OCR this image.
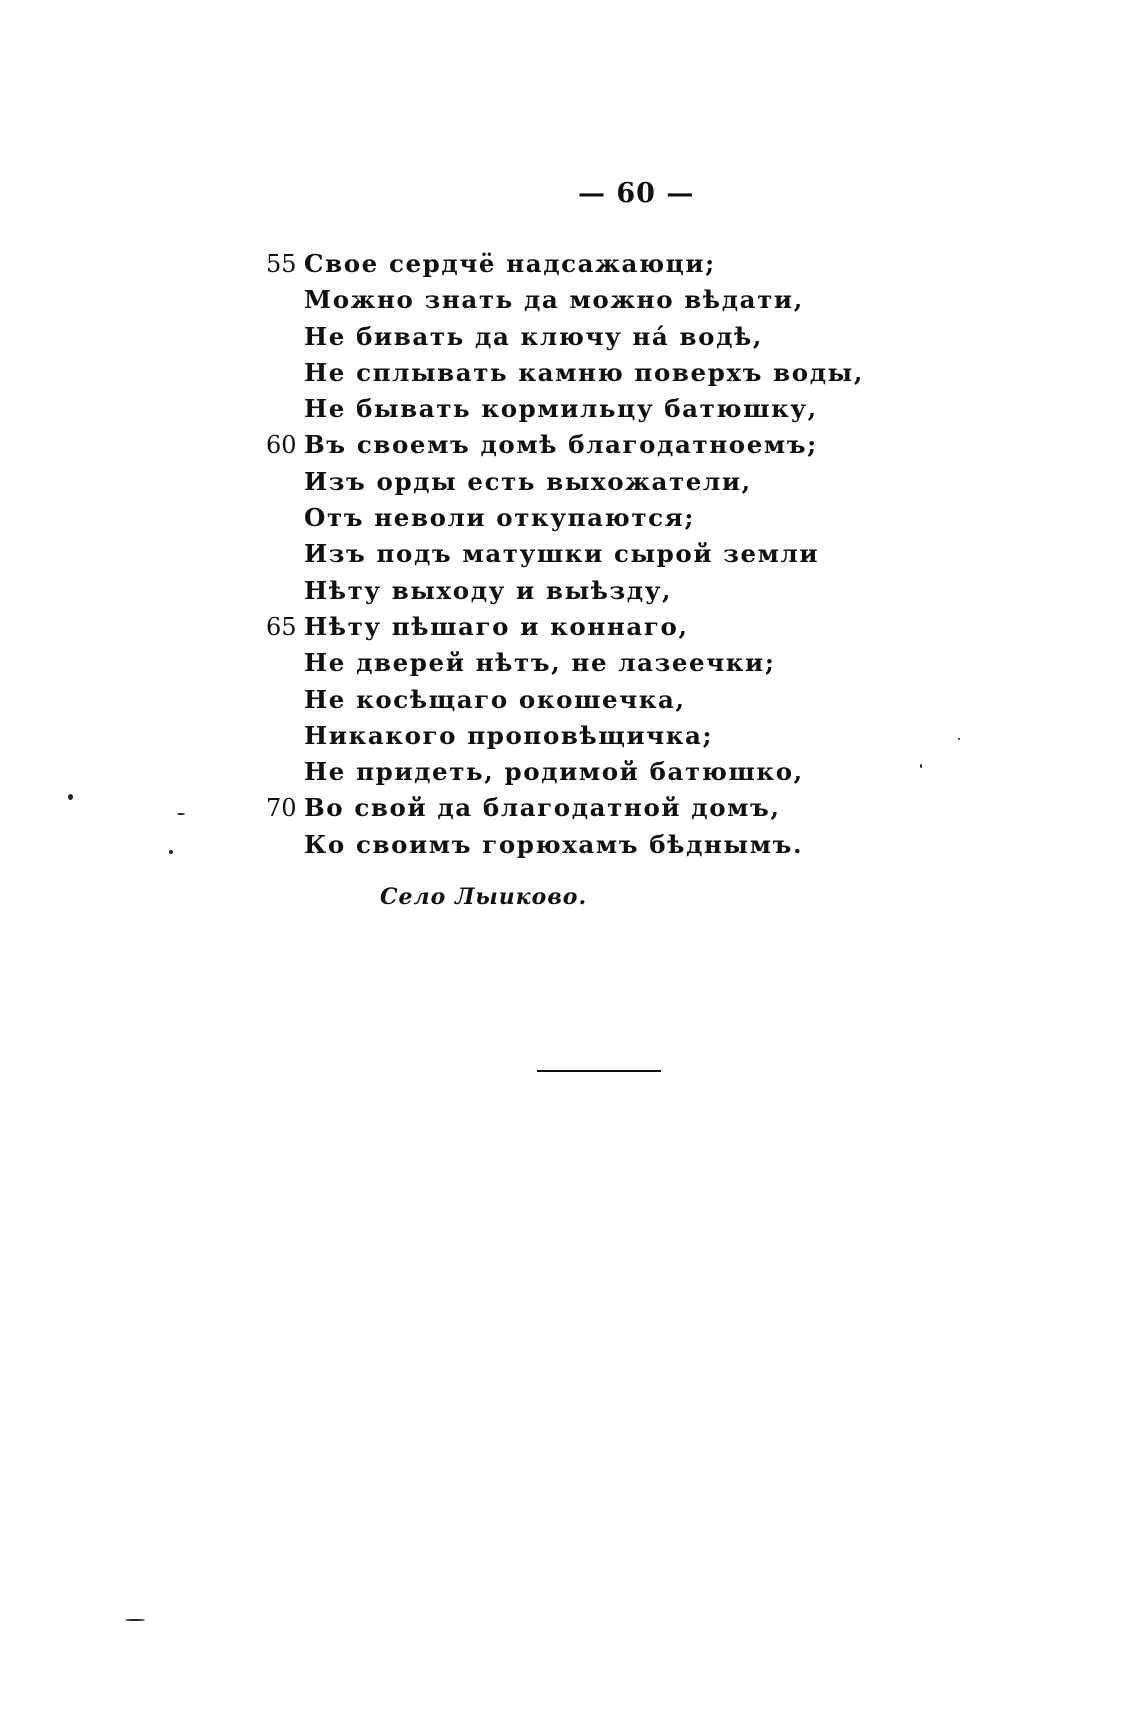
— 60 —
55 Свое сердчё надсажаюци;
Можно знать да можно вѣдати,
Не бивать да ключу на́ водѣ,
Не сплывать камню поверхъ воды,
Не бывать кормильцу батюшку,
60 Въ своемъ домѣ благодатноемъ;
Изъ орды есть выхожатели,
Отъ неволи откупаются;
Изъ подъ матушки сырой земли
Нѣту выходу и выѣзду,
65 Нѣту пѣшаго и коннаго,
Не дверей нѣтъ, не лазеечки;
Не косѣщаго окошечка,
Никакого проповѣщичка;
Не придеть, родимой батюшко,
70 Во свой да благодатной домъ,
Ко своимъ горюхамъ бѣднымъ.
Село Лыиково.
